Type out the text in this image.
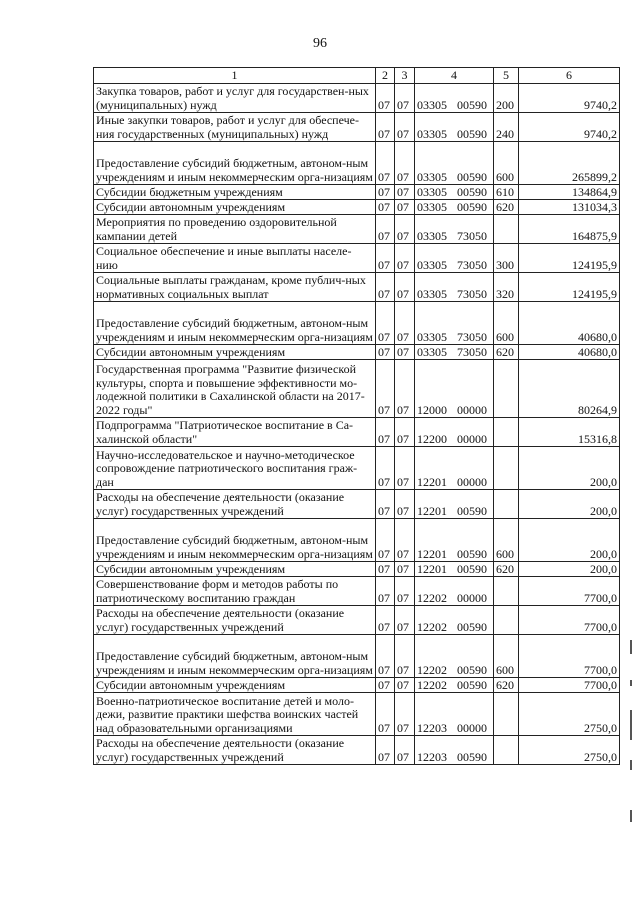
96
1	2	3	4	5	6
Закупка товаров, работ и услуг для государствен-ных (муниципальных) нужд	07	07	03305 00590	200	9740,2
Иные закупки товаров, работ и услуг для обеспече-ния государственных (муниципальных) нужд	07	07	03305 00590	240	9740,2
Предоставление субсидий бюджетным, автоном-ным учреждениям и иным некоммерческим орга-низациям	07	07	03305 00590	600	265899,2
Субсидии бюджетным учреждениям	07	07	03305 00590	610	134864,9
Субсидии автономным учреждениям	07	07	03305 00590	620	131034,3
Мероприятия по проведению оздоровительной кампании детей	07	07	03305 73050		164875,9
Социальное обеспечение и иные выплаты населе-нию	07	07	03305 73050	300	124195,9
Социальные выплаты гражданам, кроме публич-ных нормативных социальных выплат	07	07	03305 73050	320	124195,9
Предоставление субсидий бюджетным, автоном-ным учреждениям и иным некоммерческим орга-низациям	07	07	03305 73050	600	40680,0
Субсидии автономным учреждениям	07	07	03305 73050	620	40680,0
Государственная программа "Развитие физической культуры, спорта и повышение эффективности мо-лодежной политики в Сахалинской области на 2017-2022 годы"	07	07	12000 00000		80264,9
Подпрограмма "Патриотическое воспитание в Са-халинской области"	07	07	12200 00000		15316,8
Научно-исследовательское и научно-методическое сопровождение патриотического воспитания граж-дан	07	07	12201 00000		200,0
Расходы на обеспечение деятельности (оказание услуг) государственных учреждений	07	07	12201 00590		200,0
Предоставление субсидий бюджетным, автоном-ным учреждениям и иным некоммерческим орга-низациям	07	07	12201 00590	600	200,0
Субсидии автономным учреждениям	07	07	12201 00590	620	200,0
Совершенствование форм и методов работы по патриотическому воспитанию граждан	07	07	12202 00000		7700,0
Расходы на обеспечение деятельности (оказание услуг) государственных учреждений	07	07	12202 00590		7700,0
Предоставление субсидий бюджетным, автоном-ным учреждениям и иным некоммерческим орга-низациям	07	07	12202 00590	600	7700,0
Субсидии автономным учреждениям	07	07	12202 00590	620	7700,0
Военно-патриотическое воспитание детей и моло-дежи, развитие практики шефства воинских частей над образовательными организациями	07	07	12203 00000		2750,0
Расходы на обеспечение деятельности (оказание услуг) государственных учреждений	07	07	12203 00590		2750,0
